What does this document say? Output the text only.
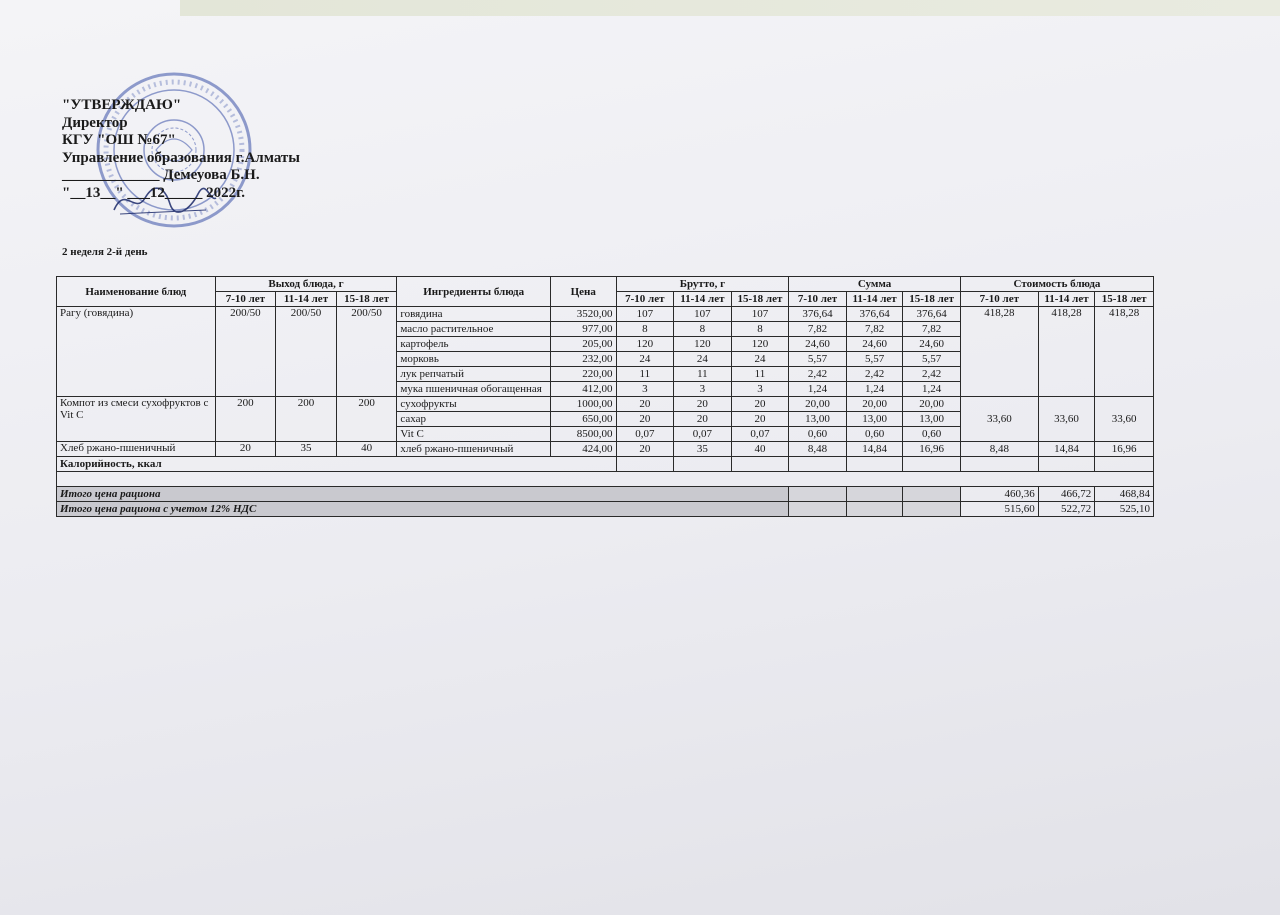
"УТВЕРЖДАЮ"
Директор
КГУ "ОШ №67"
Управление образования г.Алматы
_____________ Демеуова Б.Н.
"__13__" ___12_____ 2022г.
2 неделя 2-й день
Наименование блюд	Выход блюда, г			Ингредиенты блюда	Цена	Брутто, г			Сумма			Стоимость блюда		
	7-10 лет	11-14 лет	15-18 лет			7-10 лет	11-14 лет	15-18 лет	7-10 лет	11-14 лет	15-18 лет	7-10 лет	11-14 лет	15-18 лет
Рагу (говядина)	200/50	200/50	200/50	говядина	3520,00	107	107	107	376,64	376,64	376,64	418,28	418,28	418,28
				масло растительное	977,00	8	8	8	7,82	7,82	7,82			
				картофель	205,00	120	120	120	24,60	24,60	24,60			
				морковь	232,00	24	24	24	5,57	5,57	5,57			
				лук репчатый	220,00	11	11	11	2,42	2,42	2,42			
				мука пшеничная обогащенная	412,00	3	3	3	1,24	1,24	1,24			
Компот из смеси сухофруктов с Vit C	200	200	200	сухофрукты	1000,00	20	20	20	20,00	20,00	20,00	33,60	33,60	33,60
				сахар	650,00	20	20	20	13,00	13,00	13,00			
				Vit C	8500,00	0,07	0,07	0,07	0,60	0,60	0,60			
Хлеб ржано-пшеничный	20	35	40	хлеб ржано-пшеничный	424,00	20	35	40	8,48	14,84	16,96	8,48	14,84	16,96
Калорийность, ккал														

Итого цена рациона												460,36	466,72	468,84
Итого цена рациона с учетом 12% НДС												515,60	522,72	525,10
